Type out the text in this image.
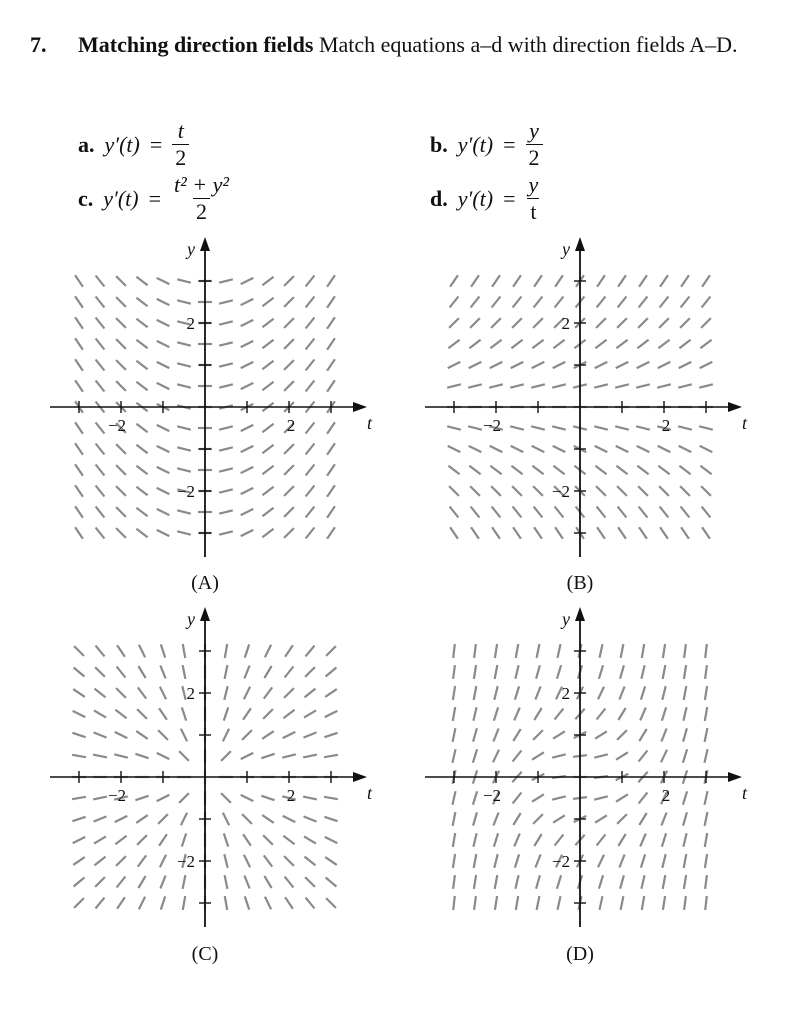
7. Matching direction fields Match equations a–d with direction fields A–D.
a. $y'(t) = \frac{t}{2}$	b. $y'(t) = \frac{y}{2}$
c. $y'(t) = \frac{\text{t² + y²}}{2}$	d. $y'(t) = \frac{y}{t}$
−2	2
2
−2
t
y
(A)
−2	2
2
−2
t
y
(B)
−2	2
2
−2
t
y
(C)
−2	2
2
−2
t
y
(D)
